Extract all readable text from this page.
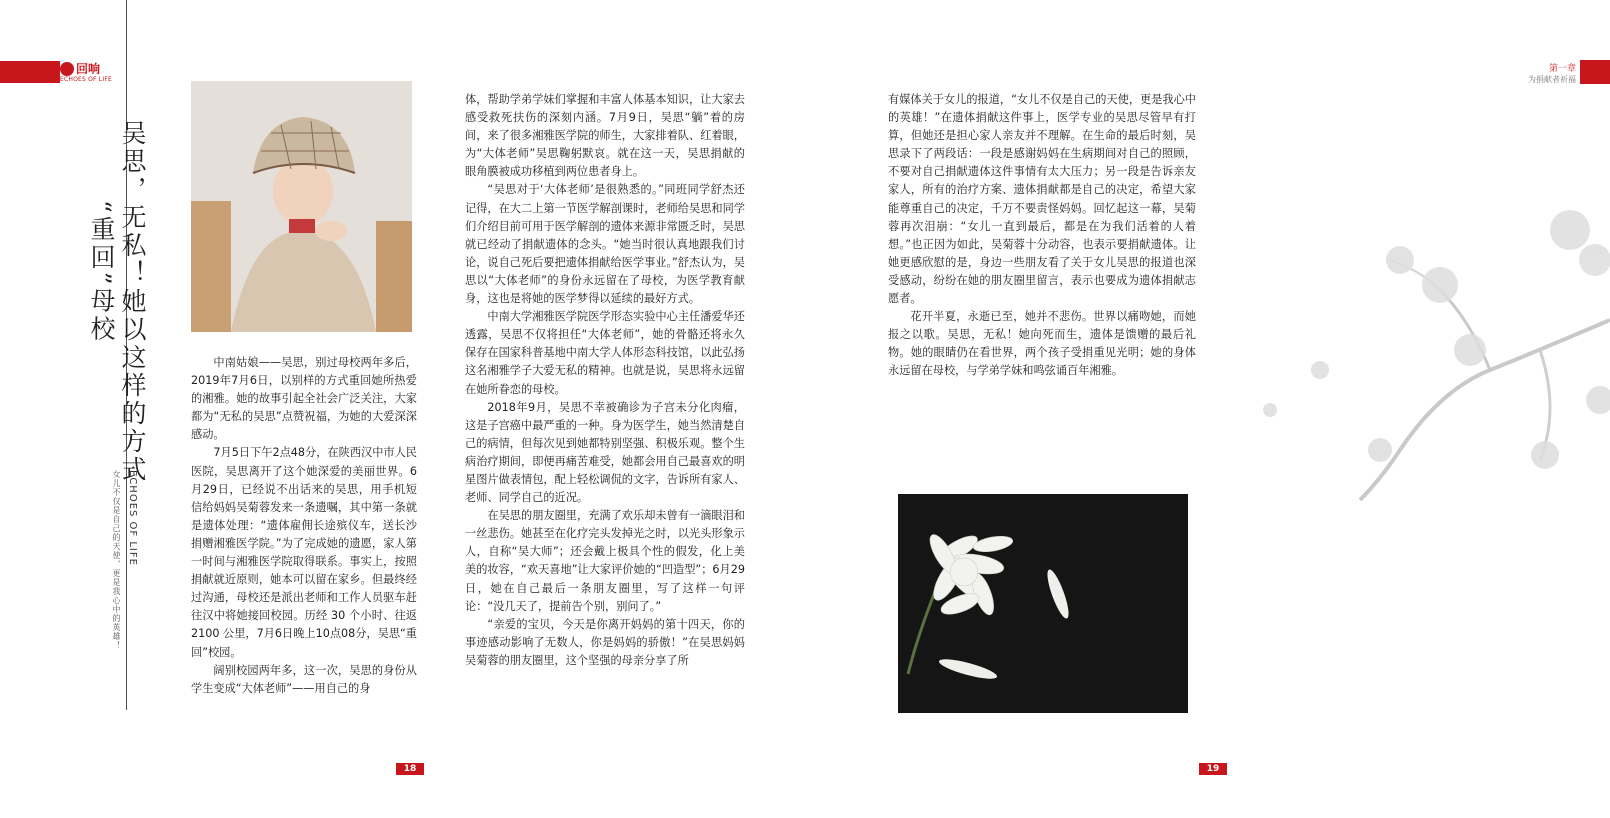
回响
ECHOES OF LIFE
第一章
为捐献者祈福
吴思，无私！她以这样的方式
“重回”母校
ECHOES OF LIFE
女儿不仅是自己的天使，更是我心中的英雄！

中南姑娘——吴思，别过母校两年多后，2019年7月6日，以别样的方式重回她所热爱的湘雅。她的故事引起全社会广泛关注，大家都为“无私的吴思”点赞祝福，为她的大爱深深感动。

7月5日下午2点48分，在陕西汉中市人民医院，吴思离开了这个她深爱的美丽世界。6月29日，已经说不出话来的吴思，用手机短信给妈妈吴菊蓉发来一条遗嘱，其中第一条就是遗体处理：“遗体雇佣长途殡仪车，送长沙捐赠湘雅医学院。”为了完成她的遗愿，家人第一时间与湘雅医学院取得联系。事实上，按照捐献就近原则，她本可以留在家乡。但最终经过沟通，母校还是派出老师和工作人员驱车赶往汉中将她接回校园。历经 30 个小时、往返 2100 公里，7月6日晚上10点08分，吴思“重回”校园。

阔别校园两年多，这一次，吴思的身份从学生变成“大体老师”——用自己的身

体，帮助学弟学妹们掌握和丰富人体基本知识，让大家去感受救死扶伤的深刻内涵。7月9日，吴思“躺”着的房间，来了很多湘雅医学院的师生，大家排着队、红着眼，为“大体老师”吴思鞠躬默哀。就在这一天，吴思捐献的眼角膜被成功移植到两位患者身上。

“吴思对于‘大体老师’是很熟悉的。”同班同学舒杰还记得，在大二上第一节医学解剖课时，老师给吴思和同学们介绍目前可用于医学解剖的遗体来源非常匮乏时，吴思就已经动了捐献遗体的念头。“她当时很认真地跟我们讨论，说自己死后要把遗体捐献给医学事业。”舒杰认为，吴思以“大体老师”的身份永远留在了母校，为医学教育献身，这也是将她的医学梦得以延续的最好方式。

中南大学湘雅医学院医学形态实验中心主任潘爱华还透露，吴思不仅将担任“大体老师”，她的骨骼还将永久保存在国家科普基地中南大学人体形态科技馆，以此弘扬这名湘雅学子大爱无私的精神。也就是说，吴思将永远留在她所眷恋的母校。

2018年9月，吴思不幸被确诊为子宫未分化肉瘤，这是子宫癌中最严重的一种。身为医学生，她当然清楚自己的病情，但每次见到她都特别坚强、积极乐观。整个生病治疗期间，即便再痛苦难受，她都会用自己最喜欢的明星图片做表情包，配上轻松调侃的文字，告诉所有家人、老师、同学自己的近况。

在吴思的朋友圈里，充满了欢乐却未曾有一滴眼泪和一丝悲伤。她甚至在化疗完头发掉光之时，以光头形象示人，自称“吴大师”；还会戴上极具个性的假发，化上美美的妆容，“欢天喜地”让大家评价她的“凹造型”；6月29日，她在自己最后一条朋友圈里，写了这样一句评论：“没几天了，提前告个别，别问了。”

“亲爱的宝贝，今天是你离开妈妈的第十四天，你的事迹感动影响了无数人，你是妈妈的骄傲！”在吴思妈妈吴菊蓉的朋友圈里，这个坚强的母亲分享了所

有媒体关于女儿的报道，“女儿不仅是自己的天使，更是我心中的英雄！”在遗体捐献这件事上，医学专业的吴思尽管早有打算，但她还是担心家人亲友并不理解。在生命的最后时刻，吴思录下了两段话：一段是感谢妈妈在生病期间对自己的照顾，不要对自己捐献遗体这件事情有太大压力；另一段是告诉亲友家人，所有的治疗方案、遗体捐献都是自己的决定，希望大家能尊重自己的决定，千万不要责怪妈妈。回忆起这一幕，吴菊蓉再次泪崩：“女儿一直到最后，都是在为我们活着的人着想。”也正因为如此，吴菊蓉十分动容，也表示要捐献遗体。让她更感欣慰的是，身边一些朋友看了关于女儿吴思的报道也深受感动，纷纷在她的朋友圈里留言，表示也要成为遗体捐献志愿者。

花开半夏，永逝已至，她并不悲伤。世界以痛吻她，而她报之以歌。吴思，无私！她向死而生，遗体是馈赠的最后礼物。她的眼睛仍在看世界，两个孩子受捐重见光明；她的身体永远留在母校，与学弟学妹和鸣弦诵百年湘雅。

18	19
